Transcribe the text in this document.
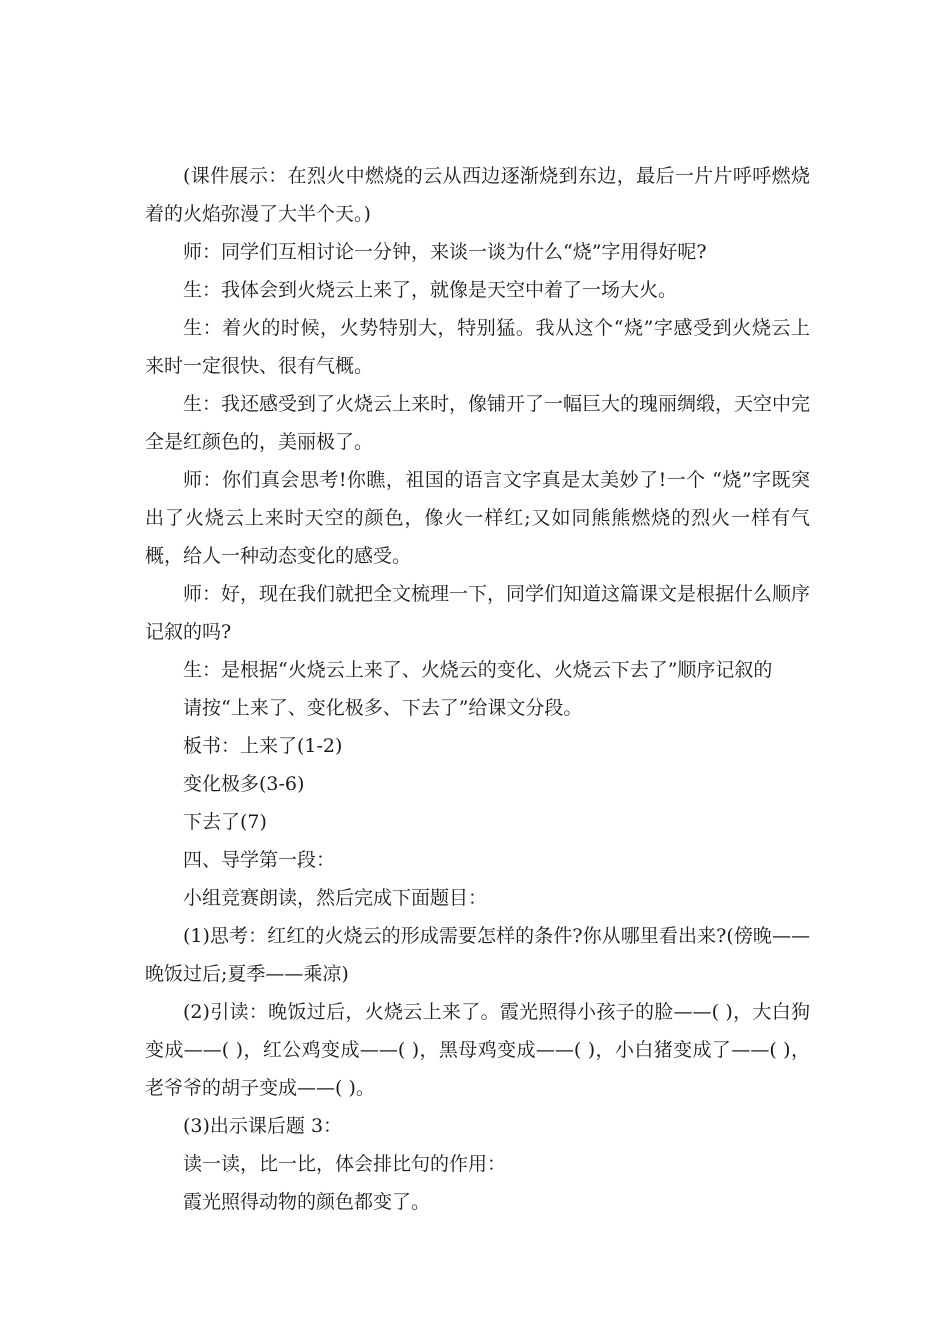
(课件展示：在烈火中燃烧的云从西边逐渐烧到东边，最后一片片呼呼燃烧着的火焰弥漫了大半个天。)

师：同学们互相讨论一分钟，来谈一谈为什么“烧”字用得好呢?

生：我体会到火烧云上来了，就像是天空中着了一场大火。

生：着火的时候，火势特别大，特别猛。我从这个“烧”字感受到火烧云上来时一定很快、很有气概。

生：我还感受到了火烧云上来时，像铺开了一幅巨大的瑰丽绸缎，天空中完全是红颜色的，美丽极了。

师：你们真会思考!你瞧，祖国的语言文字真是太美妙了!一个 “烧”字既突出了火烧云上来时天空的颜色，像火一样红;又如同熊熊燃烧的烈火一样有气概，给人一种动态变化的感受。

师：好，现在我们就把全文梳理一下，同学们知道这篇课文是根据什么顺序记叙的吗?

生：是根据“火烧云上来了、火烧云的变化、火烧云下去了”顺序记叙的

请按“上来了、变化极多、下去了”给课文分段。

板书：上来了(1-2)

变化极多(3-6)

下去了(7)

四、导学第一段：

小组竞赛朗读，然后完成下面题目：

(1)思考：红红的火烧云的形成需要怎样的条件?你从哪里看出来?(傍晚——晚饭过后;夏季——乘凉)

(2)引读：晚饭过后，火烧云上来了。霞光照得小孩子的脸——( )，大白狗变成——( )，红公鸡变成——( )，黑母鸡变成——( )，小白猪变成了——( )，老爷爷的胡子变成——( )。

(3)出示课后题 3：

读一读，比一比，体会排比句的作用：

霞光照得动物的颜色都变了。
